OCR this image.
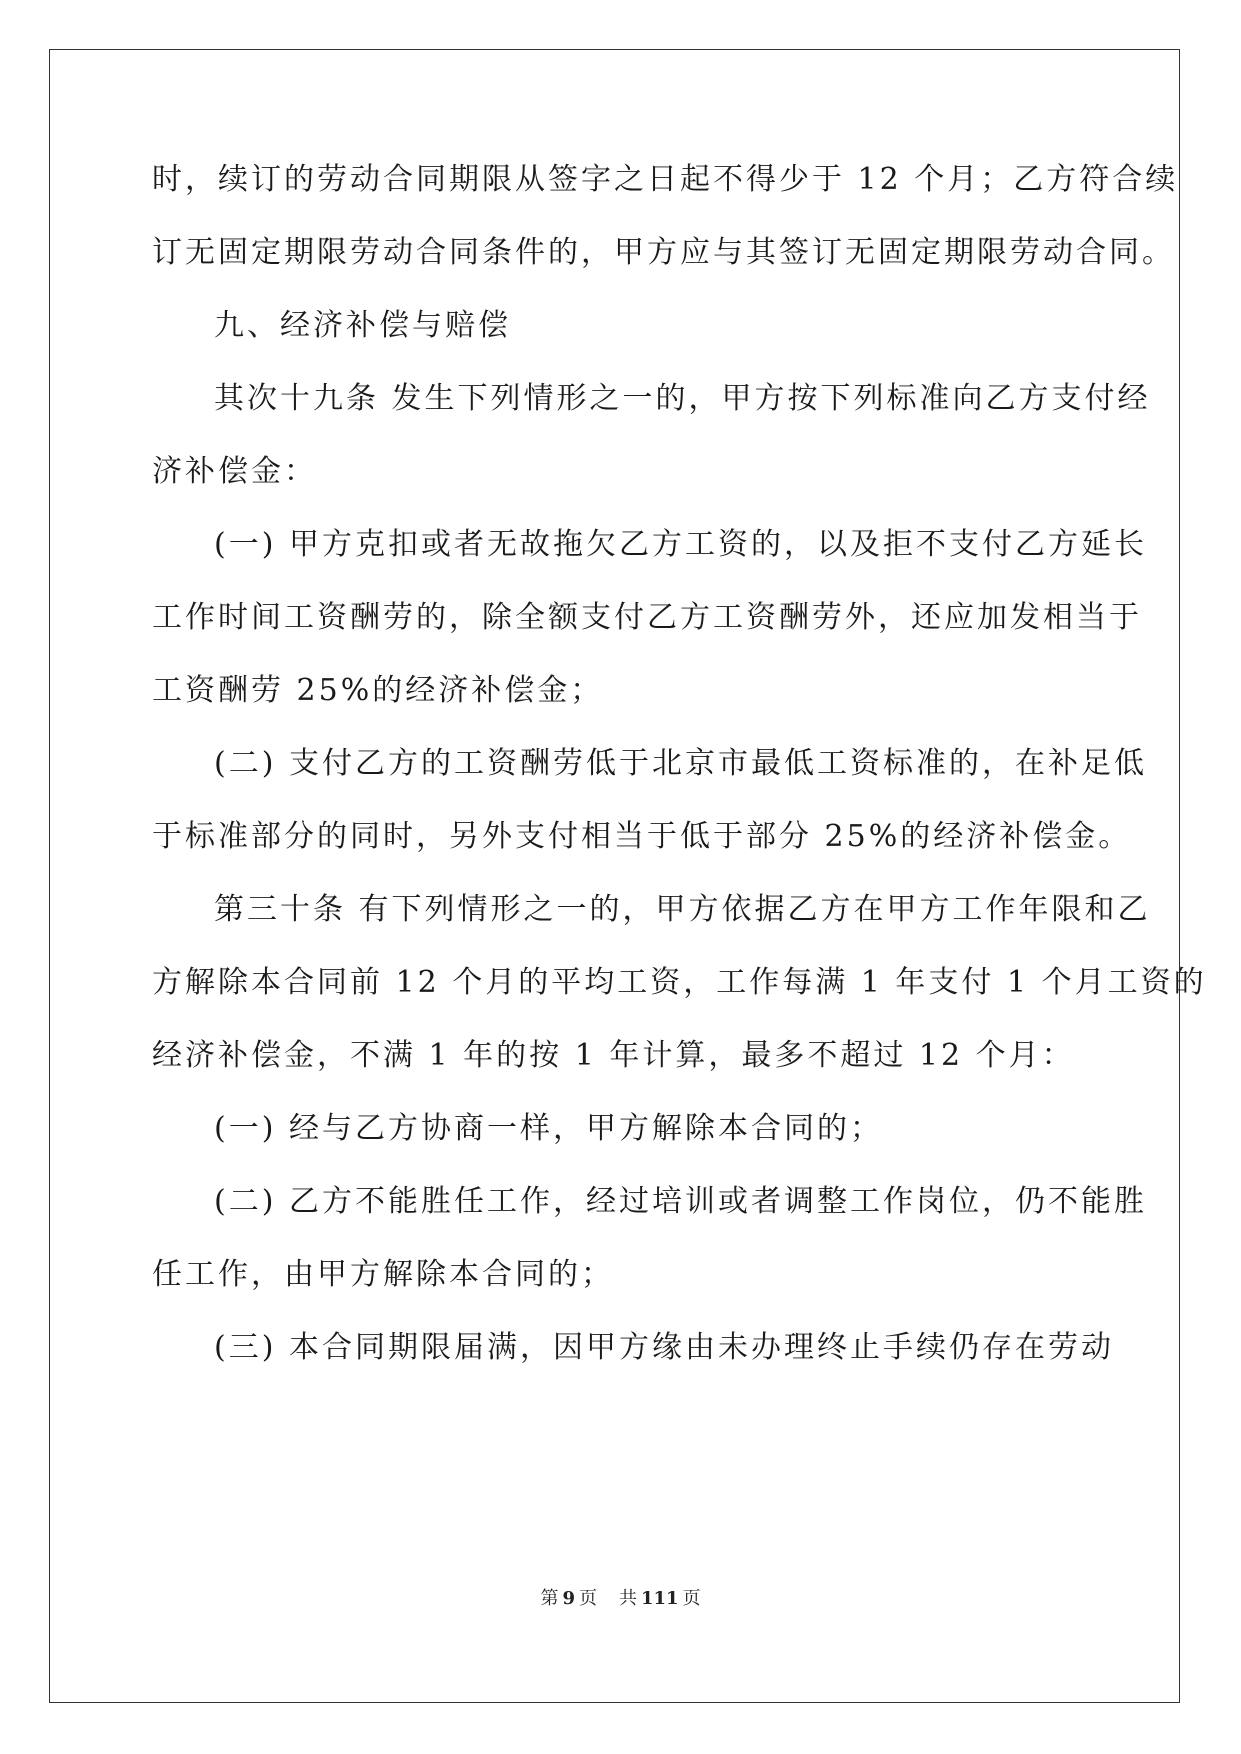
时，续订的劳动合同期限从签字之日起不得少于 12 个月；乙方符合续
订无固定期限劳动合同条件的，甲方应与其签订无固定期限劳动合同。
九、经济补偿与赔偿
其次十九条 发生下列情形之一的，甲方按下列标准向乙方支付经
济补偿金：
(一) 甲方克扣或者无故拖欠乙方工资的，以及拒不支付乙方延长
工作时间工资酬劳的，除全额支付乙方工资酬劳外，还应加发相当于
工资酬劳 25%的经济补偿金；
(二) 支付乙方的工资酬劳低于北京市最低工资标准的，在补足低
于标准部分的同时，另外支付相当于低于部分 25%的经济补偿金。
第三十条 有下列情形之一的，甲方依据乙方在甲方工作年限和乙
方解除本合同前 12 个月的平均工资，工作每满 1 年支付 1 个月工资的
经济补偿金，不满 1 年的按 1 年计算，最多不超过 12 个月：
(一) 经与乙方协商一样，甲方解除本合同的；
(二) 乙方不能胜任工作，经过培训或者调整工作岗位，仍不能胜
任工作，由甲方解除本合同的；
(三) 本合同期限届满，因甲方缘由未办理终止手续仍存在劳动
第 9 页 共 111 页
